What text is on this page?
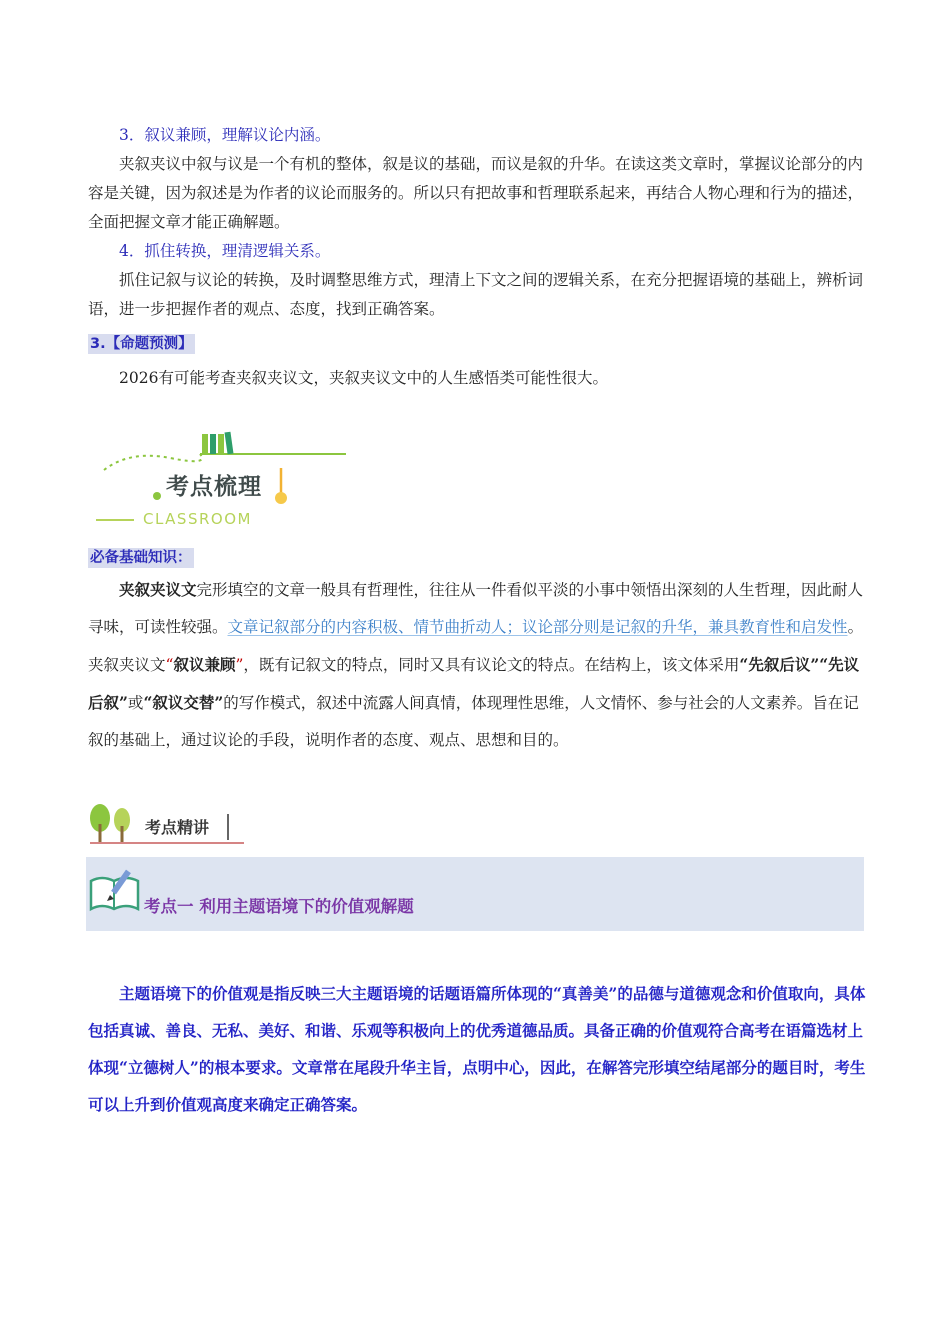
3．叙议兼顾，理解议论内涵。
夹叙夹议中叙与议是一个有机的整体，叙是议的基础，而议是叙的升华。在读这类文章时，掌握议论部分的内容是关键，因为叙述是为作者的议论而服务的。所以只有把故事和哲理联系起来，再结合人物心理和行为的描述，全面把握文章才能正确解题。
4．抓住转换，理清逻辑关系。
抓住记叙与议论的转换，及时调整思维方式，理清上下文之间的逻辑关系，在充分把握语境的基础上，辨析词语，进一步把握作者的观点、态度，找到正确答案。
3.【命题预测】
2026有可能考查夹叙夹议文，夹叙夹议文中的人生感悟类可能性很大。
考点梳理
CLASSROOM
必备基础知识：
夹叙夹议文完形填空的文章一般具有哲理性，往往从一件看似平淡的小事中领悟出深刻的人生哲理，因此耐人寻味，可读性较强。文章记叙部分的内容积极、情节曲折动人；议论部分则是记叙的升华，兼具教育性和启发性。夹叙夹议文“叙议兼顾”，既有记叙文的特点，同时又具有议论文的特点。在结构上，该文体采用“先叙后议”“先议后叙”或“叙议交替”的写作模式，叙述中流露人间真情，体现理性思维，人文情怀、参与社会的人文素养。旨在记叙的基础上，通过议论的手段，说明作者的态度、观点、思想和目的。
考点精讲
考点一 利用主题语境下的价值观解题
主题语境下的价值观是指反映三大主题语境的话题语篇所体现的“真善美”的品德与道德观念和价值取向，具体包括真诚、善良、无私、美好、和谐、乐观等积极向上的优秀道德品质。具备正确的价值观符合高考在语篇选材上体现“立德树人”的根本要求。文章常在尾段升华主旨，点明中心，因此，在解答完形填空结尾部分的题目时，考生可以上升到价值观高度来确定正确答案。
